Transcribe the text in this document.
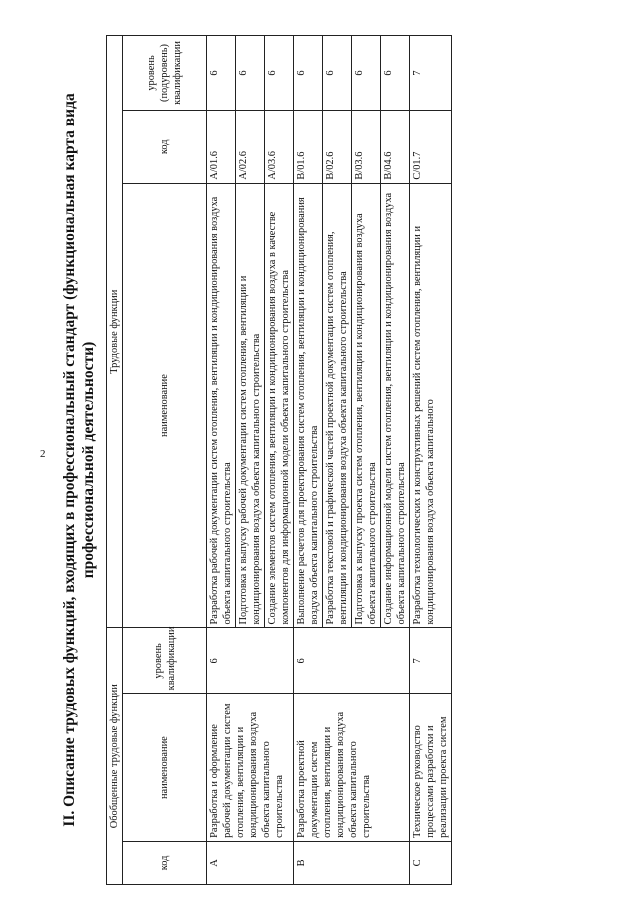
2 II. Описание трудовых функций, входящих в профессиональный стандарт (функциональная карта вида профессиональной деятельности)

Обобщенные трудовые функции			Трудовые функции		
код	наименование	уровень квалификации	наименование	код	уровень (подуровень) квалификации
A	Разработка и оформление рабочей документации систем отопления, вентиляции и кондиционирования воздуха объекта капитального строительства	6	Разработка рабочей документации систем отопления, вентиляции и кондиционирования воздуха объекта капитального строительства	A/01.6	6
			Подготовка к выпуску рабочей документации систем отопления, вентиляции и кондиционирования воздуха объекта капитального строительства	A/02.6	6
			Создание элементов систем отопления, вентиляции и кондиционирования воздуха в качестве компонентов для информационной модели объекта капитального строительства	A/03.6	6
B	Разработка проектной документации систем отопления, вентиляции и кондиционирования воздуха объекта капитального строительства	6	Выполнение расчетов для проектирования систем отопления, вентиляции и кондиционирования воздуха объекта капитального строительства	B/01.6	6
			Разработка текстовой и графической частей проектной документации систем отопления, вентиляции и кондиционирования воздуха объекта капитального строительства	B/02.6	6
			Подготовка к выпуску проекта систем отопления, вентиляции и кондиционирования воздуха объекта капитального строительства	B/03.6	6
			Создание информационной модели систем отопления, вентиляции и кондиционирования воздуха объекта капитального строительства	B/04.6	6
C	Техническое руководство процессами разработки и реализации проекта систем	7	Разработка технологических и конструктивных решений систем отопления, вентиляции и кондиционирования воздуха объекта капитального	C/01.7	7
